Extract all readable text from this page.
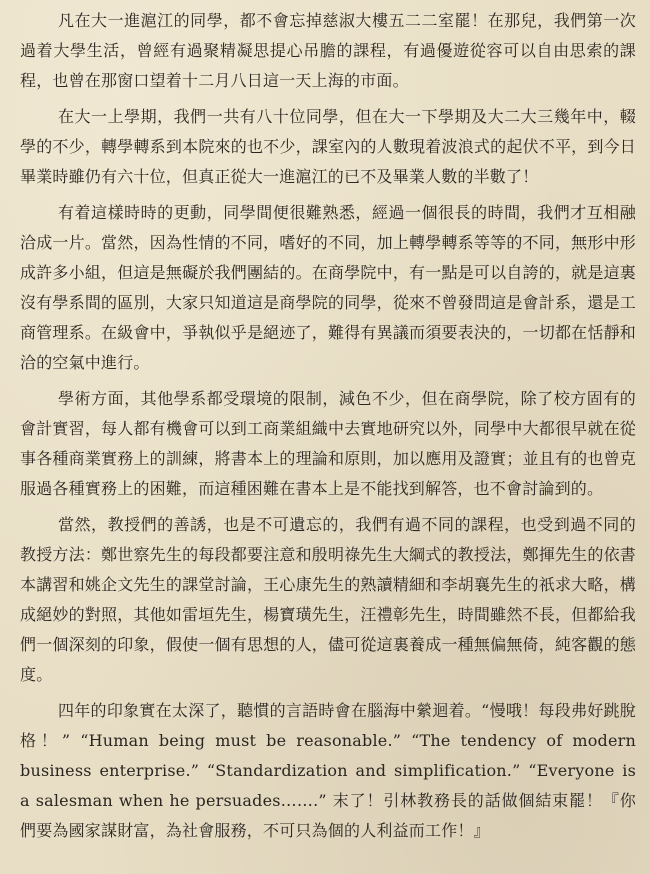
凡在大一進滬江的同學，都不會忘掉慈淑大樓五二二室罷！在那兒，我們第一次過着大學生活，曾經有過聚精凝思提心吊膽的課程，有過優遊從容可以自由思索的課程，也曾在那窗口望着十二月八日這一天上海的市面。

在大一上學期，我們一共有八十位同學，但在大一下學期及大二大三幾年中，輟學的不少，轉學轉系到本院來的也不少，課室內的人數現着波浪式的起伏不平，到今日畢業時雖仍有六十位，但真正從大一進滬江的已不及畢業人數的半數了！

有着這樣時時的更動，同學間便很難熟悉，經過一個很長的時間，我們才互相融洽成一片。當然，因為性情的不同，嗜好的不同，加上轉學轉系等等的不同，無形中形成許多小組，但這是無礙於我們團結的。在商學院中，有一點是可以自誇的，就是這裏沒有學系間的區別，大家只知道這是商學院的同學，從來不曾發問這是會計系，還是工商管理系。在級會中，爭執似乎是絕迹了，難得有異議而須要表決的，一切都在恬靜和洽的空氣中進行。

學術方面，其他學系都受環境的限制，減色不少，但在商學院，除了校方固有的會計實習，每人都有機會可以到工商業組織中去實地研究以外，同學中大都很早就在從事各種商業實務上的訓練，將書本上的理論和原則，加以應用及證實；並且有的也曾克服過各種實務上的困難，而這種困難在書本上是不能找到解答，也不會討論到的。

當然，教授們的善誘，也是不可遺忘的，我們有過不同的課程，也受到過不同的教授方法：鄭世察先生的每段都要注意和殷明祿先生大綱式的教授法，鄭揮先生的依書本講習和姚企文先生的課堂討論，王心康先生的熟讀精細和李胡襄先生的祇求大略，構成絕妙的對照，其他如雷垣先生，楊寶璜先生，汪禮彰先生，時間雖然不長，但都給我們一個深刻的印象，假使一個有思想的人，儘可從這裏養成一種無偏無倚，純客觀的態度。

四年的印象實在太深了，聽慣的言語時會在腦海中縈迴着。“慢哦！每段弗好跳脫格！” “Human being must be reasonable.” “The tendency of modern business enterprise.” “Standardization and simplification.” “Everyone is a salesman when he persuades…….” 末了！引林教務長的話做個結束罷！『你們要為國家謀財富，為社會服務，不可只為個的人利益而工作！』
